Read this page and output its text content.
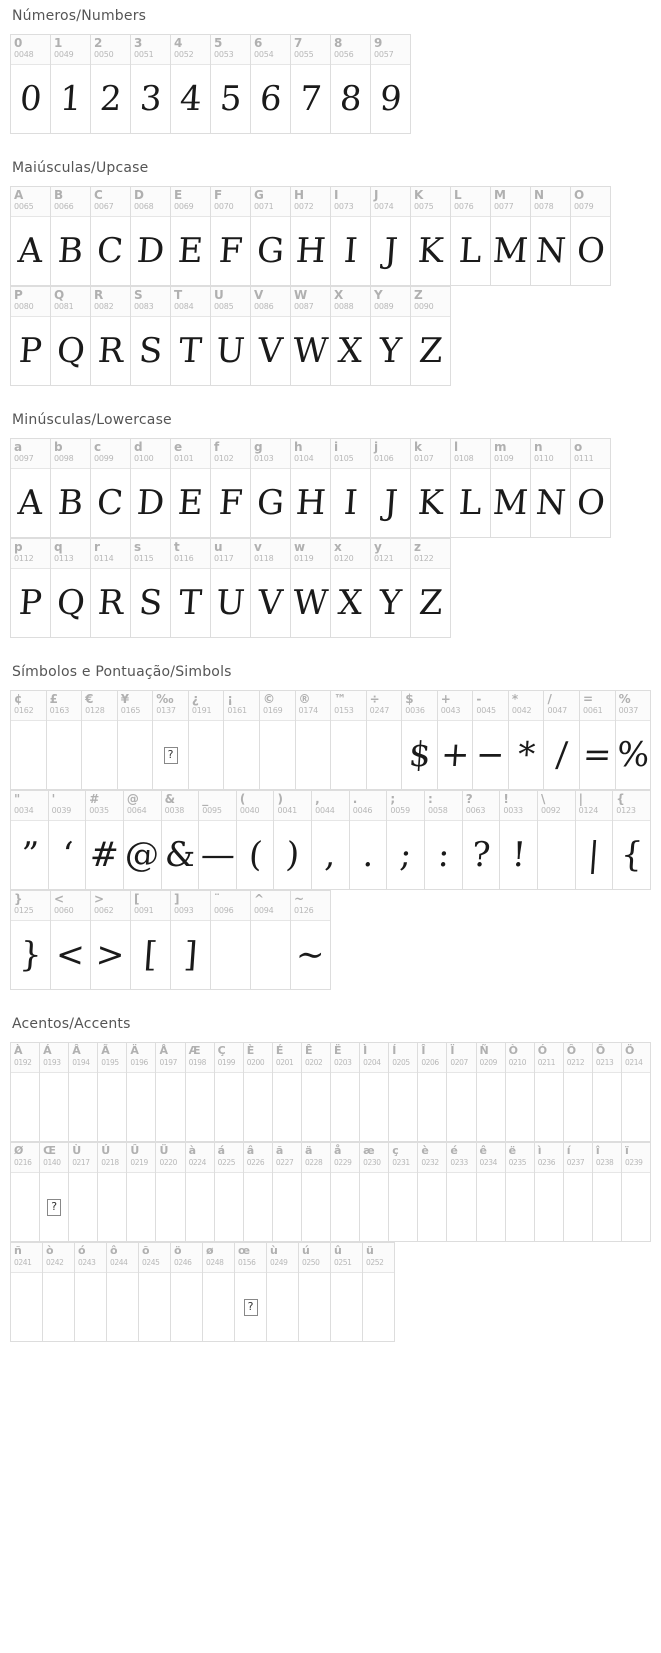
Números/Numbers
0
0048
0
1
0049
1
2
0050
2
3
0051
3
4
0052
4
5
0053
5
6
0054
6
7
0055
7
8
0056
8
9
0057
9
Maiúsculas/Upcase
A
0065
A
B
0066
B
C
0067
C
D
0068
D
E
0069
E
F
0070
F
G
0071
G
H
0072
H
I
0073
I
J
0074
J
K
0075
K
L
0076
L
M
0077
M
N
0078
N
O
0079
O
P
0080
P
Q
0081
Q
R
0082
R
S
0083
S
T
0084
T
U
0085
U
V
0086
V
W
0087
W
X
0088
X
Y
0089
Y
Z
0090
Z
Minúsculas/Lowercase
a
0097
A
b
0098
B
c
0099
C
d
0100
D
e
0101
E
f
0102
F
g
0103
G
h
0104
H
i
0105
I
j
0106
J
k
0107
K
l
0108
L
m
0109
M
n
0110
N
o
0111
O
p
0112
P
q
0113
Q
r
0114
R
s
0115
S
t
0116
T
u
0117
U
v
0118
V
w
0119
W
x
0120
X
y
0121
Y
z
0122
Z
Símbolos e Pontuação/Simbols
¢
0162
£
0163
€
0128
¥
0165
‰
0137
?
¿
0191
¡
0161
©
0169
®
0174
™
0153
÷
0247
$
0036
$
+
0043
+
-
0045
−
*
0042
*
/
0047
/
=
0061
=
%
0037
%
"
0034
”
'
0039
‘
#
0035
#
@
0064
@
&
0038
&
_
0095
—
(
0040
(
)
0041
)
,
0044
,
.
0046
.
;
0059
;
:
0058
:
?
0063
?
!
0033
!
\
0092
|
0124
|
{
0123
{
}
0125
}
<
0060
<
>
0062
>
[
0091
[
]
0093
]
¨
0096
^
0094
~
0126
~
Acentos/Accents
À
0192
Á
0193
Â
0194
Ã
0195
Ä
0196
Å
0197
Æ
0198
Ç
0199
È
0200
É
0201
Ê
0202
Ë
0203
Ì
0204
Í
0205
Î
0206
Ï
0207
Ñ
0209
Ò
0210
Ó
0211
Ô
0212
Õ
0213
Ö
0214
Ø
0216
Œ
0140
?
Ù
0217
Ú
0218
Û
0219
Ü
0220
à
0224
á
0225
â
0226
ã
0227
ä
0228
å
0229
æ
0230
ç
0231
è
0232
é
0233
ê
0234
ë
0235
ì
0236
í
0237
î
0238
ï
0239
ñ
0241
ò
0242
ó
0243
ô
0244
õ
0245
ö
0246
ø
0248
œ
0156
?
ù
0249
ú
0250
û
0251
ü
0252
